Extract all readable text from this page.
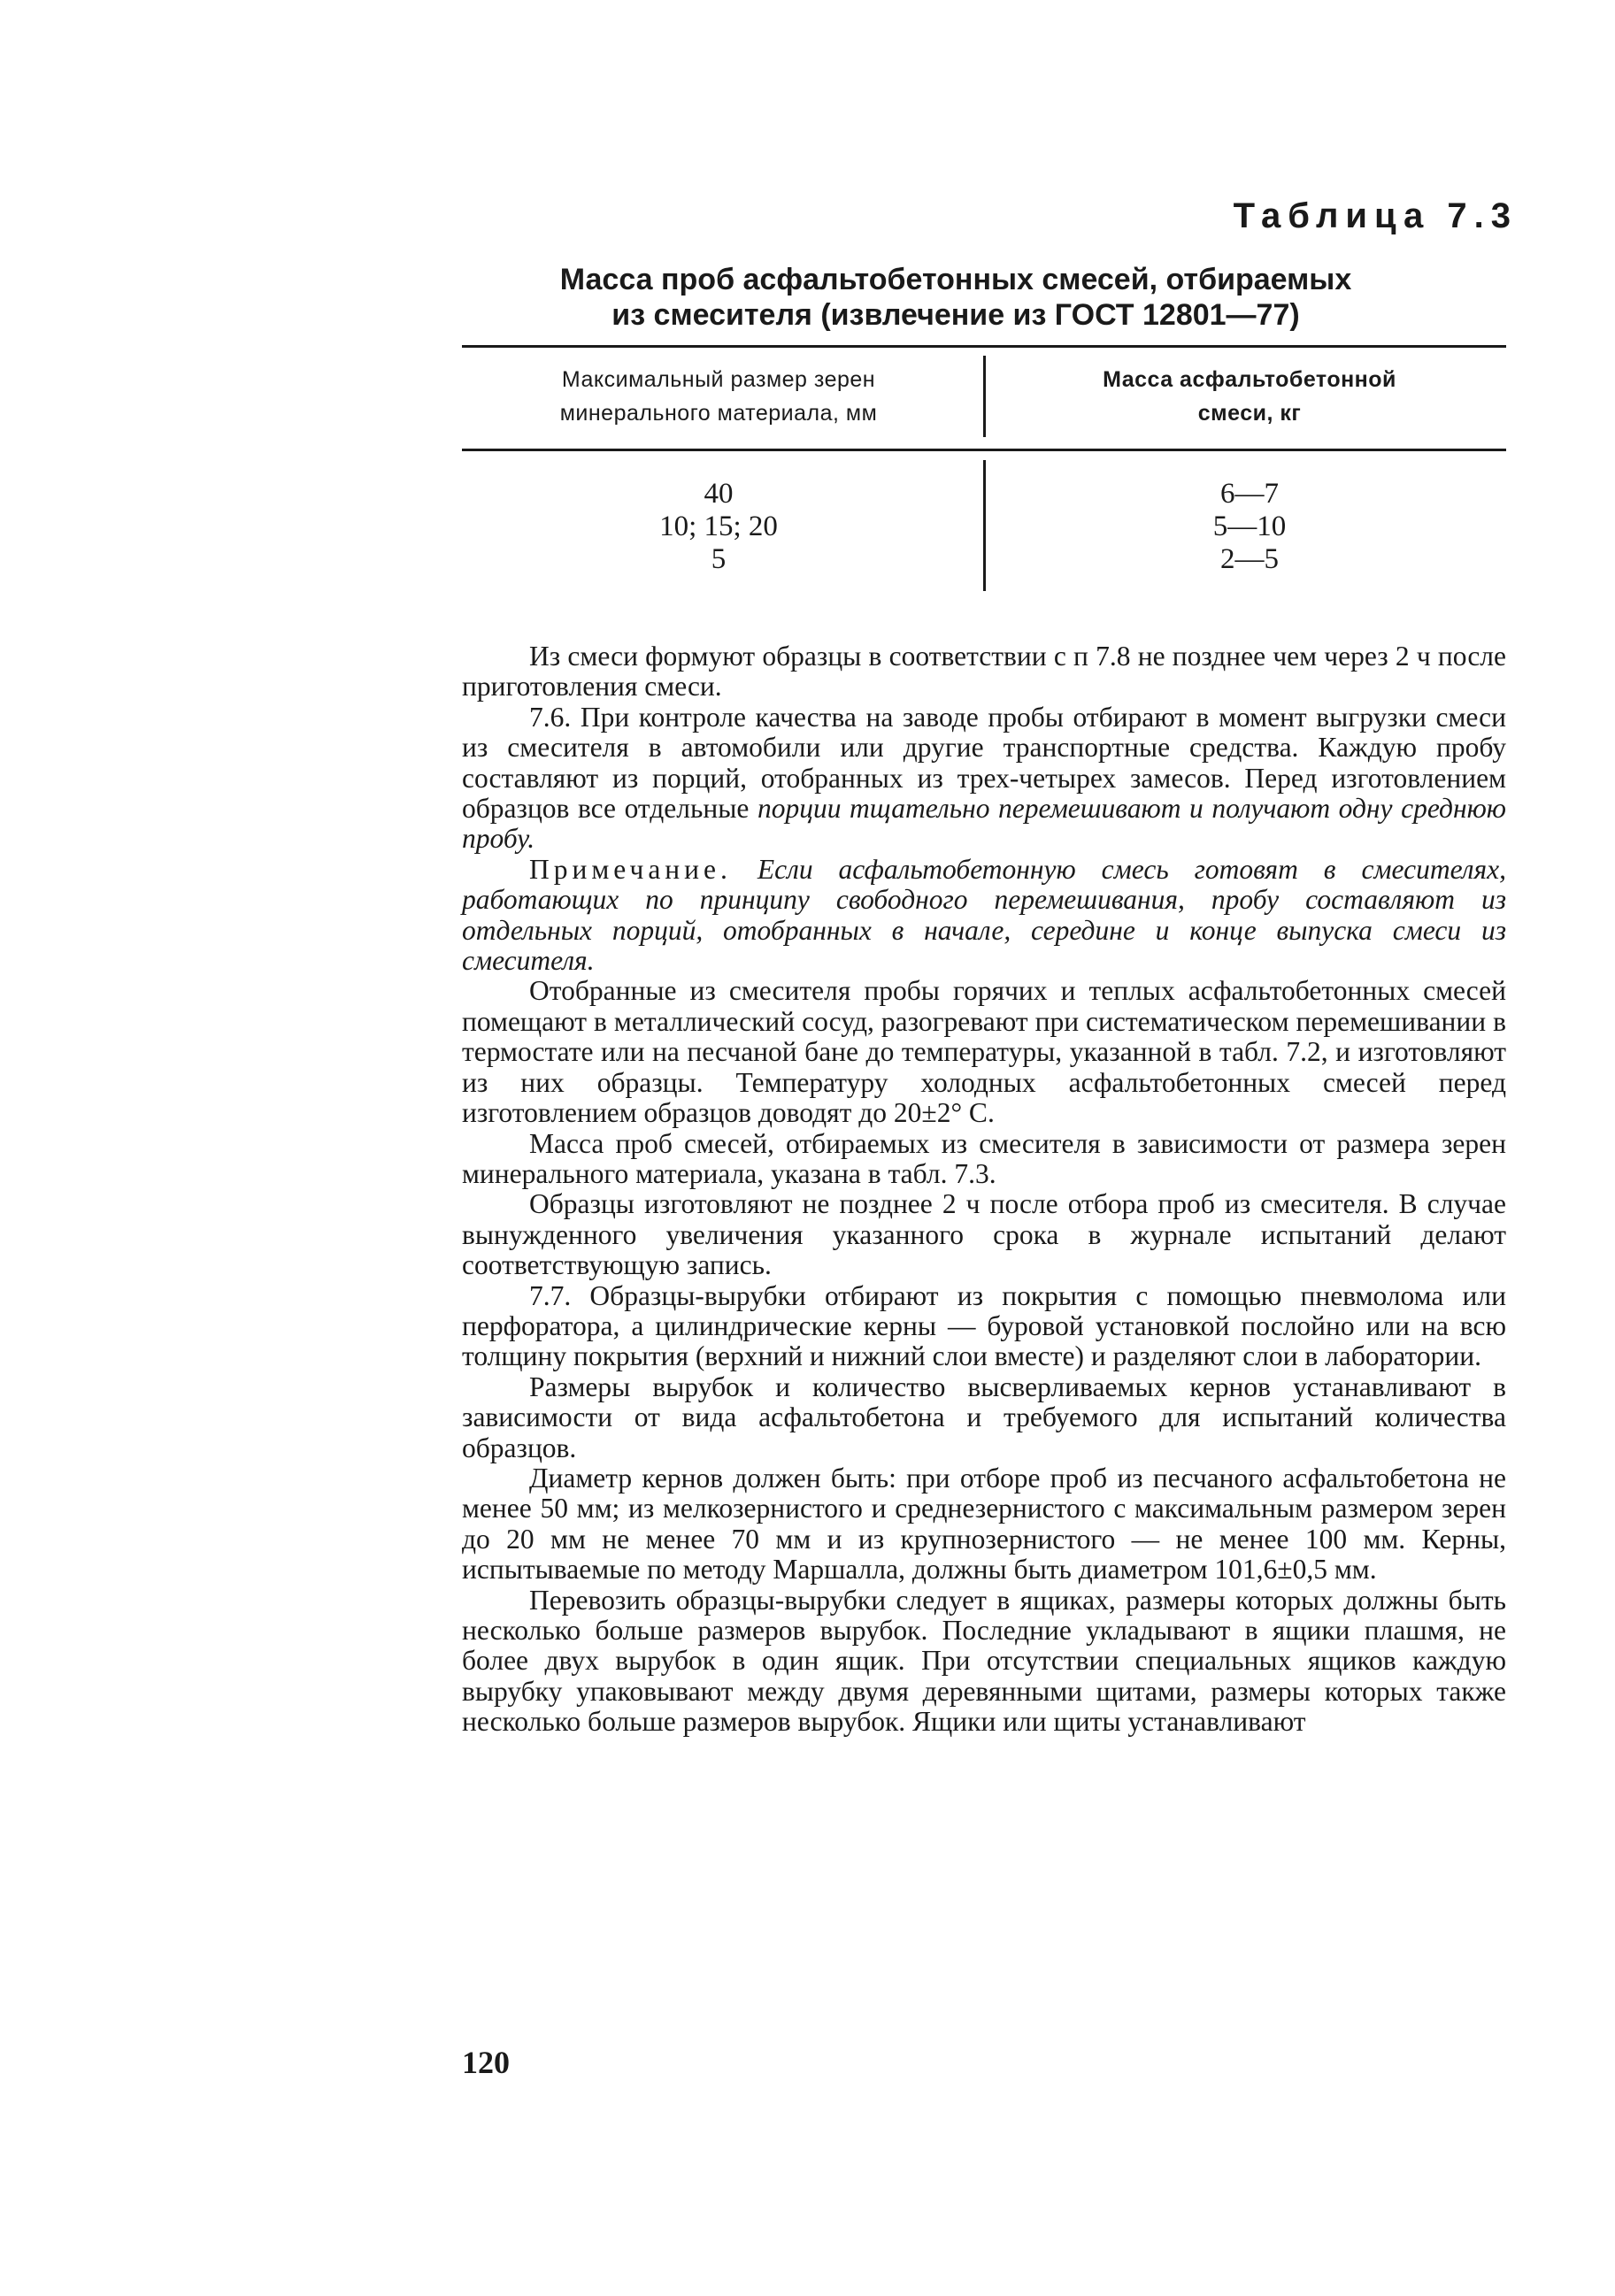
Таблица 7.3
Масса проб асфальтобетонных смесей, отбираемых
из смесителя (извлечение из ГОСТ 12801—77)
Максимальный размер зерен
минерального материала, мм
Масса асфальтобетонной
смеси, кг
40
10; 15; 20
5
6—7
5—10
2—5

Из смеси формуют образцы в соответствии с п 7.8 не позднее чем через 2 ч после приготовления смеси.

7.6. При контроле качества на заводе пробы отбирают в момент выгрузки смеси из смесителя в автомобили или другие транспортные средства. Каждую пробу составляют из порций, отобранных из трех-четырех замесов. Перед изготовлением образцов все отдельные порции тщательно перемешивают и получают одну среднюю пробу.

Примечание. Если асфальтобетонную смесь готовят в смесителях, работающих по принципу свободного перемешивания, пробу составляют из отдельных порций, отобранных в начале, середине и конце выпуска смеси из смесителя.

Отобранные из смесителя пробы горячих и теплых асфальтобетонных смесей помещают в металлический сосуд, разогревают при систематическом перемешивании в термостате или на песчаной бане до температуры, указанной в табл. 7.2, и изготовляют из них образцы. Температуру холодных асфальтобетонных смесей перед изготовлением образцов доводят до 20±2° С.

Масса проб смесей, отбираемых из смесителя в зависимости от размера зерен минерального материала, указана в табл. 7.3.

Образцы изготовляют не позднее 2 ч после отбора проб из смесителя. В случае вынужденного увеличения указанного срока в журнале испытаний делают соответствующую запись.

7.7. Образцы-вырубки отбирают из покрытия с помощью пневмолома или перфоратора, а цилиндрические керны — буровой установкой послойно или на всю толщину покрытия (верхний и нижний слои вместе) и разделяют слои в лаборатории.

Размеры вырубок и количество высверливаемых кернов устанавливают в зависимости от вида асфальтобетона и требуемого для испытаний количества образцов.

Диаметр кернов должен быть: при отборе проб из песчаного асфальтобетона не менее 50 мм; из мелкозернистого и среднезернистого с максимальным размером зерен до 20 мм не менее 70 мм и из крупнозернистого — не менее 100 мм. Керны, испытываемые по методу Маршалла, должны быть диаметром 101,6±0,5 мм.

Перевозить образцы-вырубки следует в ящиках, размеры которых должны быть несколько больше размеров вырубок. Последние укладывают в ящики плашмя, не более двух вырубок в один ящик. При отсутствии специальных ящиков каждую вырубку упаковывают между двумя деревянными щитами, размеры которых также несколько больше размеров вырубок. Ящики или щиты устанавливают

120
